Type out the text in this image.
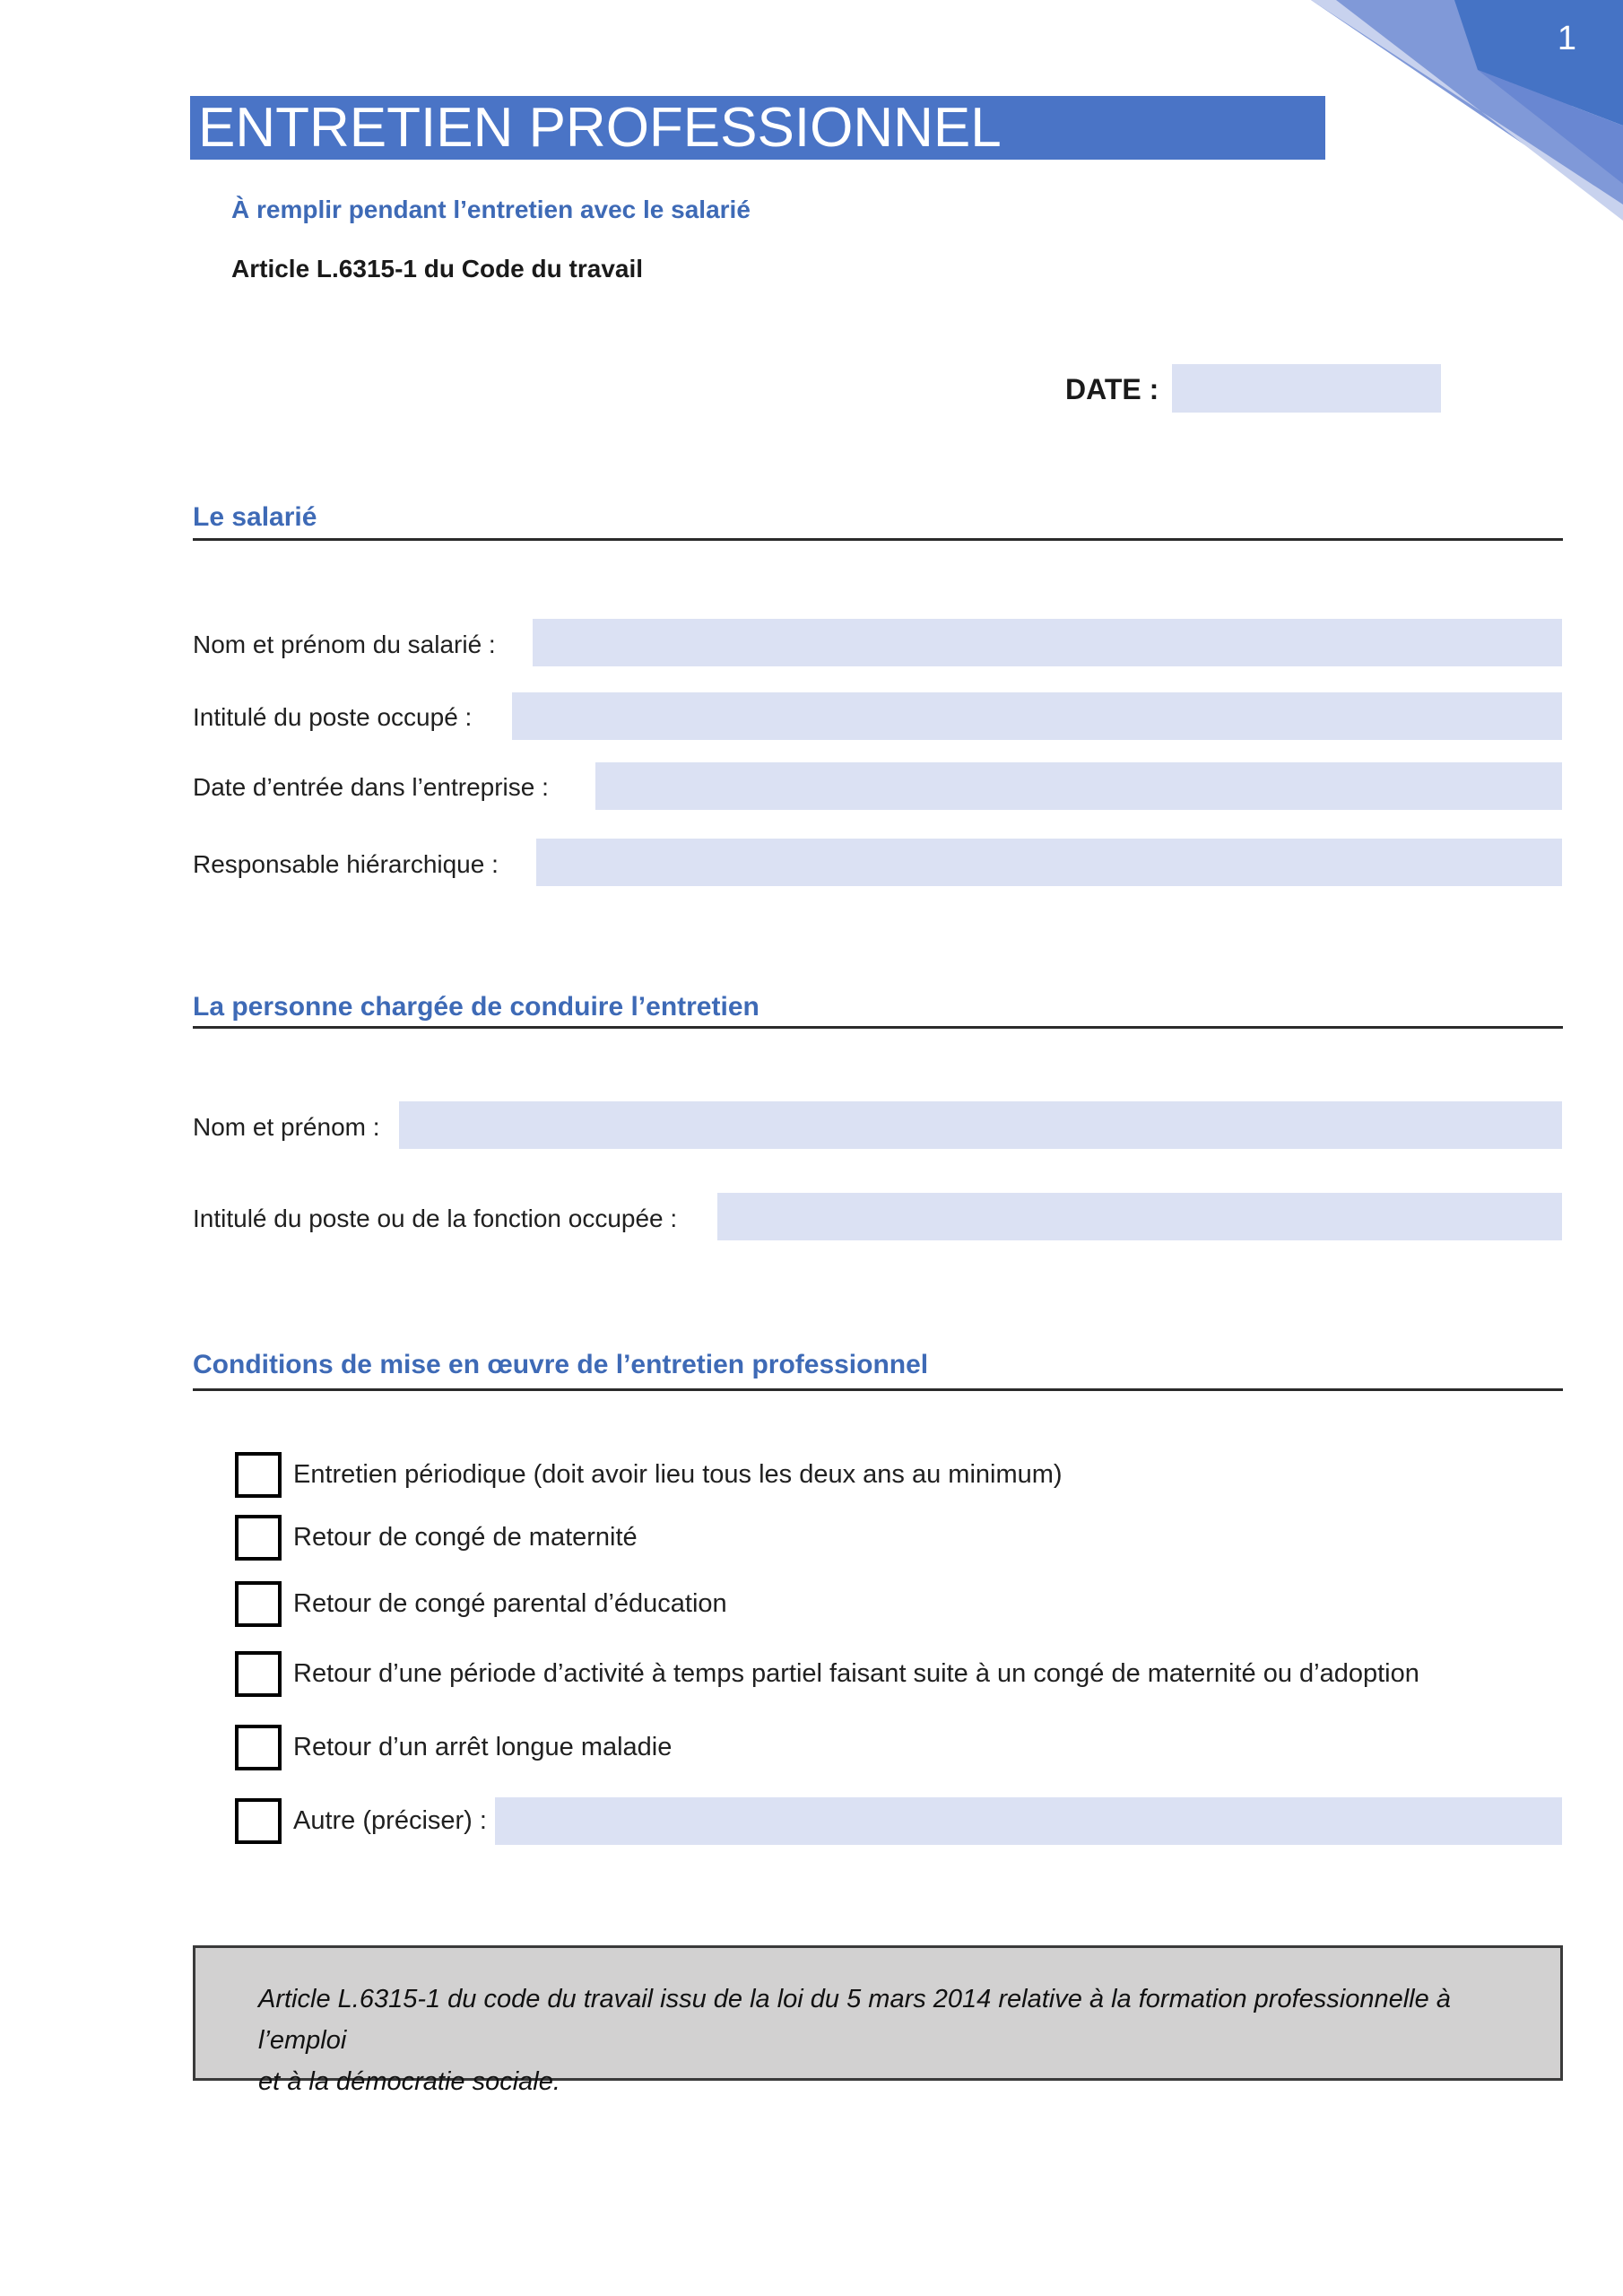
1
ENTRETIEN PROFESSIONNEL
À remplir pendant l’entretien avec le salarié
Article L.6315-1 du Code du travail
DATE :
Le salarié
Nom et prénom du salarié :
Intitulé du poste occupé :
Date d’entrée dans l’entreprise :
Responsable hiérarchique :
La personne chargée de conduire l’entretien
Nom et prénom :
Intitulé du poste ou de la fonction occupée :
Conditions de mise en œuvre de l’entretien professionnel
Entretien périodique (doit avoir lieu tous les deux ans au minimum)
Retour de congé de maternité
Retour de congé parental d’éducation
Retour d’une période d’activité à temps partiel faisant suite à un congé de maternité ou d’adoption
Retour d’un arrêt longue maladie
Autre (préciser) :
Article L.6315-1 du code du travail issu de la loi du 5 mars 2014 relative à la formation professionnelle à l’emploi
et à la démocratie sociale.
